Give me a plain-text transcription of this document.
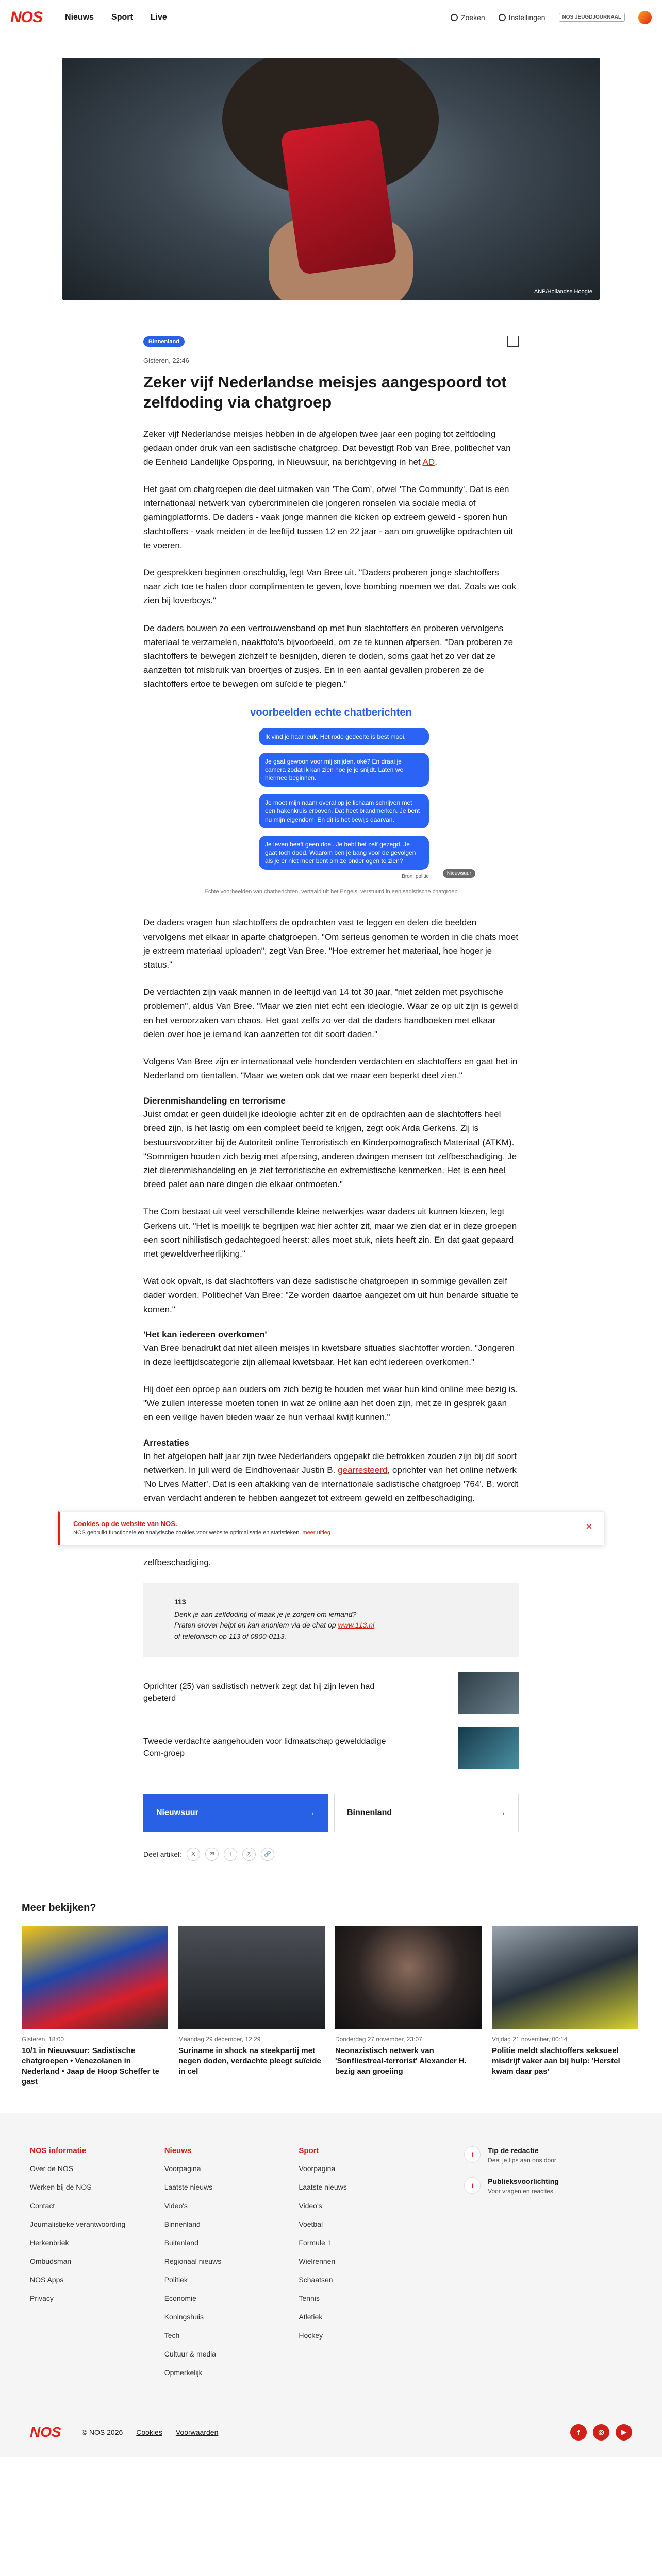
NOS	Nieuws Sport Live	Zoeken	Instellingen	NOS JEUGDJOURNAAL
ANP/Hollandse Hoogte
Binnenland
Gisteren, 22:46
Zeker vijf Nederlandse meisjes aangespoord tot zelfdoding via chatgroep

Zeker vijf Nederlandse meisjes hebben in de afgelopen twee jaar een poging tot zelfdoding gedaan onder druk van een sadistische chatgroep. Dat bevestigt Rob van Bree, politiechef van de Eenheid Landelijke Opsporing, in Nieuwsuur, na berichtgeving in het AD.

Het gaat om chatgroepen die deel uitmaken van 'The Com', ofwel 'The Community'. Dat is een internationaal netwerk van cybercriminelen die jongeren ronselen via sociale media of gamingplatforms. De daders - vaak jonge mannen die kicken op extreem geweld - sporen hun slachtoffers - vaak meiden in de leeftijd tussen 12 en 22 jaar - aan om gruwelijke opdrachten uit te voeren.

De gesprekken beginnen onschuldig, legt Van Bree uit. "Daders proberen jonge slachtoffers naar zich toe te halen door complimenten te geven, love bombing noemen we dat. Zoals we ook zien bij loverboys."

De daders bouwen zo een vertrouwensband op met hun slachtoffers en proberen vervolgens materiaal te verzamelen, naaktfoto's bijvoorbeeld, om ze te kunnen afpersen. "Dan proberen ze slachtoffers te bewegen zichzelf te besnijden, dieren te doden, soms gaat het zo ver dat ze aanzetten tot misbruik van broertjes of zusjes. En in een aantal gevallen proberen ze de slachtoffers ertoe te bewegen om suïcide te plegen."

voorbeelden echte chatberichten
Ik vind je haar leuk. Het rode gedeelte is best mooi.
Je gaat gewoon voor mij snijden, oké? En draai je camera zodat ik kan zien hoe je je snijdt. Laten we hiermee beginnen.
Je moet mijn naam overal op je lichaam schrijven met een hakenkruis erboven. Dat heet brandmerken. Je bent nu mijn eigendom. En dit is het bewijs daarvan.
Je leven heeft geen doel. Je hebt het zelf gezegd. Je gaat toch dood. Waarom ben je bang voor de gevolgen als je er niet meer bent om ze onder ogen te zien?
Bron: politie
Nieuwsuur
Echte voorbeelden van chatberichten, vertaald uit het Engels, verstuurd in een sadistische chatgroep

De daders vragen hun slachtoffers de opdrachten vast te leggen en delen die beelden vervolgens met elkaar in aparte chatgroepen. "Om serieus genomen te worden in die chats moet je extreem materiaal uploaden", zegt Van Bree. "Hoe extremer het materiaal, hoe hoger je status."

De verdachten zijn vaak mannen in de leeftijd van 14 tot 30 jaar, "niet zelden met psychische problemen", aldus Van Bree. "Maar we zien niet echt een ideologie. Waar ze op uit zijn is geweld en het veroorzaken van chaos. Het gaat zelfs zo ver dat de daders handboeken met elkaar delen over hoe je iemand kan aanzetten tot dit soort daden."

Volgens Van Bree zijn er internationaal vele honderden verdachten en slachtoffers en gaat het in Nederland om tientallen. "Maar we weten ook dat we maar een beperkt deel zien."

Dierenmishandeling en terrorisme

Juist omdat er geen duidelijke ideologie achter zit en de opdrachten aan de slachtoffers heel breed zijn, is het lastig om een compleet beeld te krijgen, zegt ook Arda Gerkens. Zij is bestuursvoorzitter bij de Autoriteit online Terroristisch en Kinderpornografisch Materiaal (ATKM). "Sommigen houden zich bezig met afpersing, anderen dwingen mensen tot zelfbeschadiging. Je ziet dierenmishandeling en je ziet terroristische en extremistische kenmerken. Het is een heel breed palet aan nare dingen die elkaar ontmoeten."

The Com bestaat uit veel verschillende kleine netwerkjes waar daders uit kunnen kiezen, legt Gerkens uit. "Het is moeilijk te begrijpen wat hier achter zit, maar we zien dat er in deze groepen een soort nihilistisch gedachtegoed heerst: alles moet stuk, niets heeft zin. En dat gaat gepaard met geweldverheerlijking."

Wat ook opvalt, is dat slachtoffers van deze sadistische chatgroepen in sommige gevallen zelf dader worden. Politiechef Van Bree: "Ze worden daartoe aangezet om uit hun benarde situatie te komen."

'Het kan iedereen overkomen'

Van Bree benadrukt dat niet alleen meisjes in kwetsbare situaties slachtoffer worden. "Jongeren in deze leeftijdscategorie zijn allemaal kwetsbaar. Het kan echt iedereen overkomen."

Hij doet een oproep aan ouders om zich bezig te houden met waar hun kind online mee bezig is. "We zullen interesse moeten tonen in wat ze online aan het doen zijn, met ze in gesprek gaan en een veilige haven bieden waar ze hun verhaal kwijt kunnen."

Arrestaties

In het afgelopen half jaar zijn twee Nederlanders opgepakt die betrokken zouden zijn bij dit soort netwerken. In juli werd de Eindhovenaar Justin B. gearresteerd, oprichter van het online netwerk 'No Lives Matter'. Dat is een aftakking van de internationale sadistische chatgroep '764'. B. wordt ervan verdacht anderen te hebben aangezet tot extreem geweld en zelfbeschadiging.

Cookies op de website van NOS.
NOS gebruikt functionele en analytische cookies voor website optimalisatie en statistieken. meer uitleg	×

zelfbeschadiging.

113
Denk je aan zelfdoding of maak je je zorgen om iemand?
Praten erover helpt en kan anoniem via de chat op www.113.nl
of telefonisch op 113 of 0800-0113.
Oprichter (25) van sadistisch netwerk zegt dat hij zijn leven had gebeterd
Tweede verdachte aangehouden voor lidmaatschap gewelddadige Com-groep
Nieuwsuur	→	Binnenland	→
Deel artikel:	X	✉	f	◎	🔗
Meer bekijken?
Gisteren, 18:00
10/1 in Nieuwsuur: Sadistische chatgroepen • Venezolanen in Nederland • Jaap de Hoop Scheffer te gast
Maandag 29 december, 12:29
Suriname in shock na steekpartij met negen doden, verdachte pleegt suïcide in cel
Donderdag 27 november, 23:07
Neonazistisch netwerk van 'Sonfliestreal-terrorist' Alexander H. bezig aan groeiing
Vrijdag 21 november, 00:14
Politie meldt slachtoffers seksueel misdrijf vaker aan bij hulp: 'Herstel kwam daar pas'
NOS informatie
Over de NOS
Werken bij de NOS
Contact
Journalistieke verantwoording
Herkenbriek
Ombudsman
NOS Apps
Privacy
Nieuws
Voorpagina
Laatste nieuws
Video's
Binnenland
Buitenland
Regionaal nieuws
Politiek
Economie
Koningshuis
Tech
Cultuur & media
Opmerkelijk
Sport
Voorpagina
Laatste nieuws
Video's
Voetbal
Formule 1
Wielrennen
Schaatsen
Tennis
Atletiek
Hockey
!	Tip de redactie
Deel je tips aan ons door
i	Publieksvoorlichting
Voor vragen en reacties
NOS	© NOS 2026 Cookies Voorwaarden	f	◎	▶
